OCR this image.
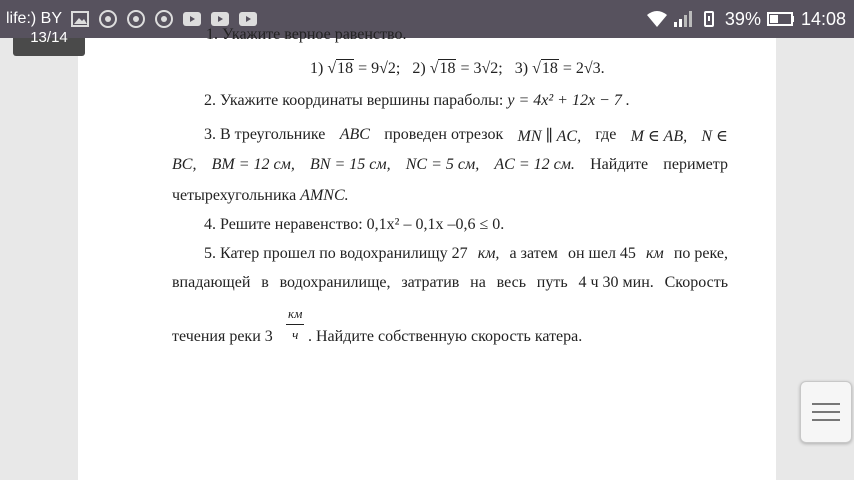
life:) BY	39% 14:08
1. Укажите верное равенство.
1) √18 = 9√2; 2) √18 = 3√2; 3) √18 = 2√3.
2. Укажите координаты вершины параболы: y = 4x² + 12x − 7 .
3. В треугольнике ABC проведен отрезок MN ∥ AC, где M ∈ AB, N ∈
BC, BM = 12 см, BN = 15 см, NC = 5 см, AC = 12 см. Найдите периметр
четырехугольника AMNC.
4. Решите неравенство: 0,1x² – 0,1x –0,6 ≤ 0.
5. Катер прошел по водохранилищу 27 км, а затем он шел 45 км по реке,
впадающей в водохранилище, затратив на весь путь 4 ч 30 мин. Скорость
течения реки 3
км
ч . Найдите собственную скорость катера.
13/14
